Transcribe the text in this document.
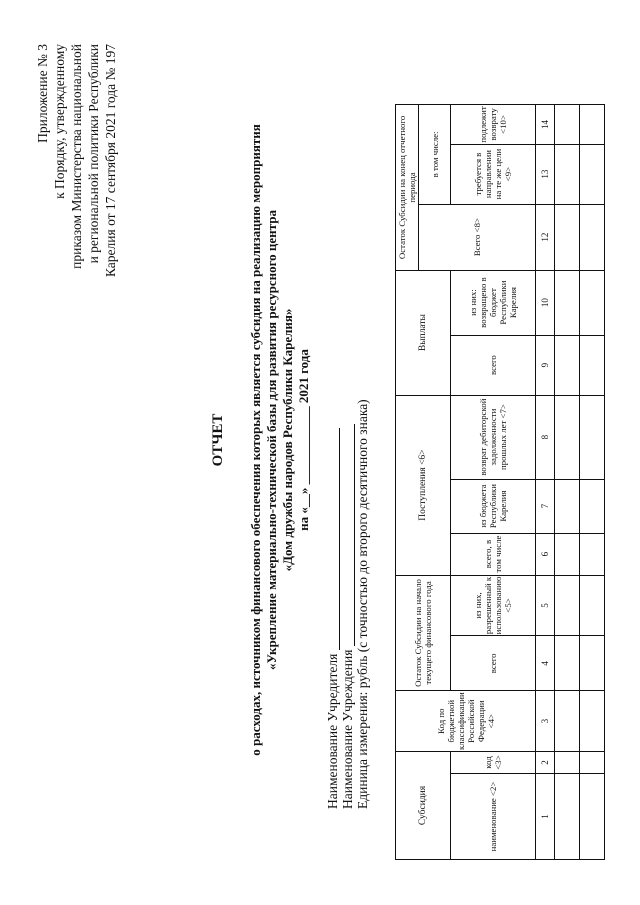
Приложение № 3 к Порядку, утвержденному приказом Министерства национальной и региональной политики Республики Карелия от 17 сентября 2021 года № 197
ОТЧЕТ о расходах, источником финансового обеспечения которых является субсидия на реализацию мероприятия «Укрепление материально-технической базы для развития ресурсного центра «Дом дружбы народов Республики Карелия» на «__» ____________ 2021 года
Наименование Учредителя Наименование Учреждения Единица измерения: рубль (с точностью до второго десятичного знака)	Субсидия		Код по бюджетной классификации Российской Федерации <4>	Остаток Субсидии на начало текущего финансового года		Поступления <6>			Выплаты		Остаток Субсидии на конец отчетного периода		
										Всего <8>	в том числе:	
наименование <2>	код <3>		всего	из них, разрешенный к использованию <5>	всего, в том числе	из бюджета Республики Карелия	возврат дебиторской задолженности прошлых лет <7>	всего	из них: возвращено в бюджет Республики Карелия		требуется в направлении на те же цели <9>	подлежит возврату <10>
1	2	3	4	5	6	7	8	9	10	12	13	14
